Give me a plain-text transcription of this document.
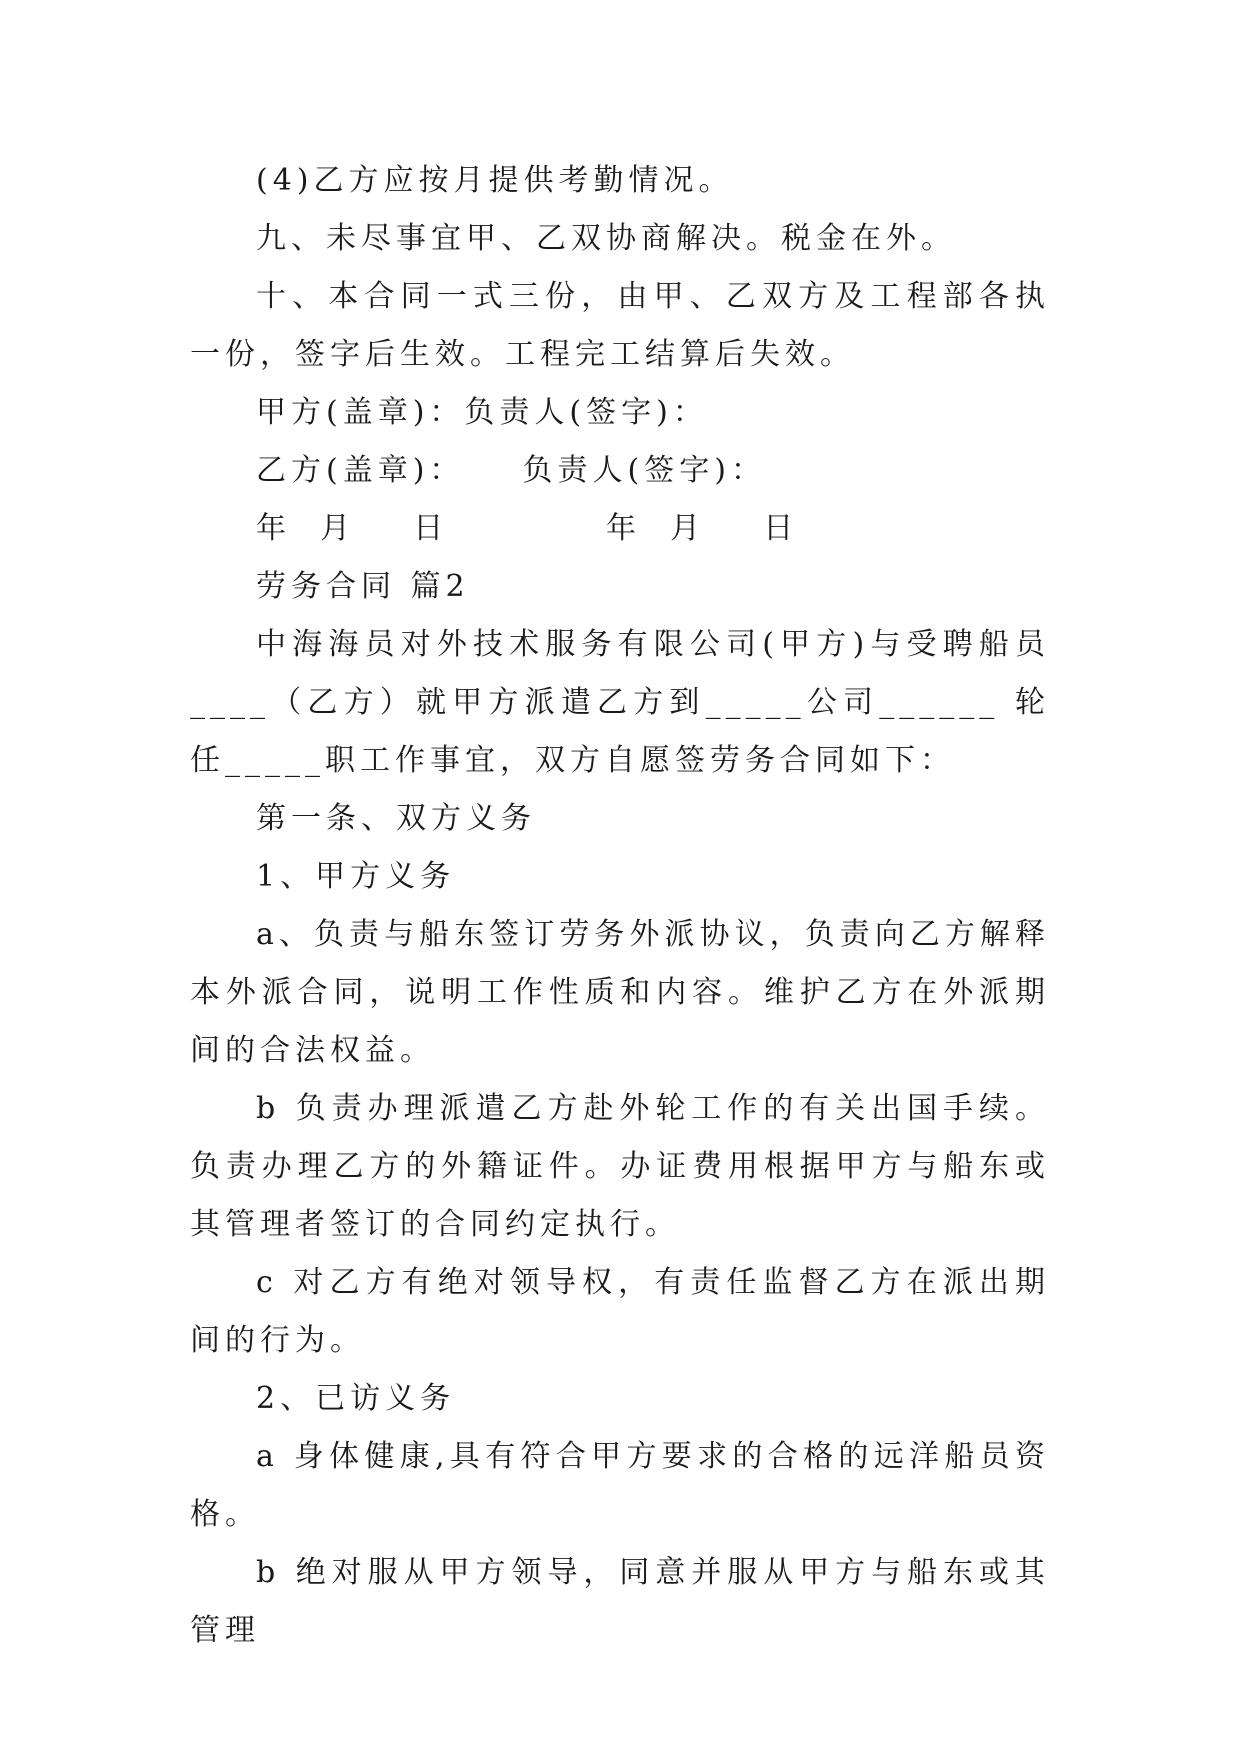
(4)乙方应按月提供考勤情况。

九、未尽事宜甲、乙双协商解决。税金在外。

十、本合同一式三份，由甲、乙双方及工程部各执一份，签字后生效。工程完工结算后失效。

甲方(盖章)：负责人(签字)：

乙方(盖章)：    负责人(签字)：

年  月    日	年  月    日

劳务合同 篇2

中海海员对外技术服务有限公司(甲方)与受聘船员____（乙方）就甲方派遣乙方到_____公司______ 轮任_____职工作事宜，双方自愿签劳务合同如下：

第一条、双方义务

1、甲方义务

a、负责与船东签订劳务外派协议，负责向乙方解释本外派合同，说明工作性质和内容。维护乙方在外派期间的合法权益。

b 负责办理派遣乙方赴外轮工作的有关出国手续。负责办理乙方的外籍证件。办证费用根据甲方与船东或其管理者签订的合同约定执行。

c 对乙方有绝对领导权，有责任监督乙方在派出期间的行为。

2、已访义务

a 身体健康,具有符合甲方要求的合格的远洋船员资格。

b 绝对服从甲方领导，同意并服从甲方与船东或其管理
